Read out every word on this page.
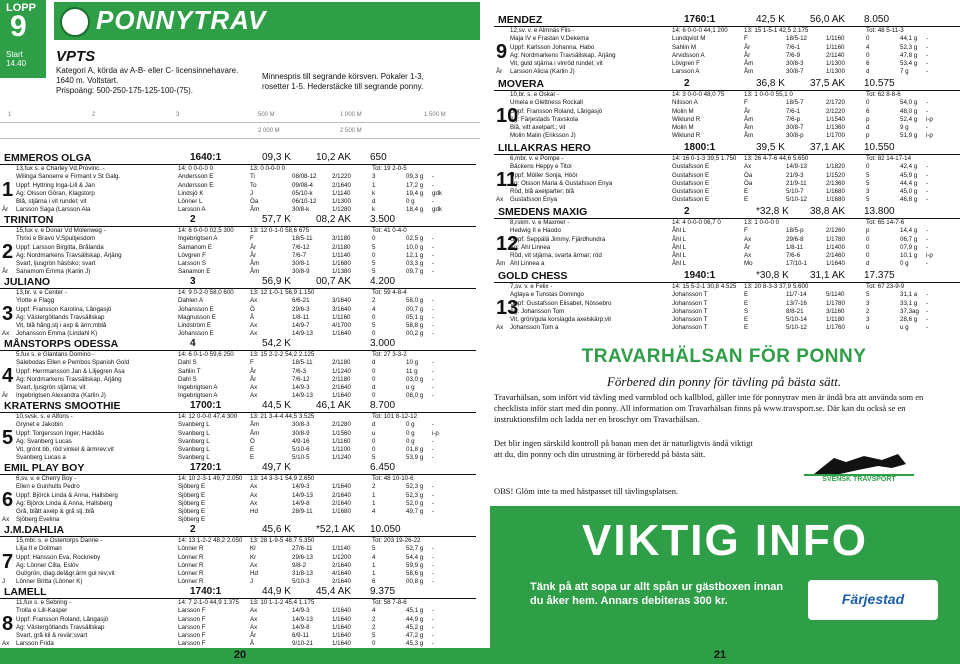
LOPP
9
Start
14.40
PONNYTRAV
VPTS
Kategori A, körda av A-B- eller C- licensinnehavare.
1640 m. Voltstart.
Prispoäng: 500-250-175-125-100-(75).
Minnespris till segrande körsven. Pokaler 1-3,
rosetter 1-5. Hederstäcke till segrande ponny.
1	2	3	500 M	1 000 M	1 500 M
2 000 M	2 500 M
EMMEROS OLGA	1640:1	09,3 K	10,2 AK 650
1
13,fux s. e Charley Vd.Provinc. -	14: 0 0-0-0 0	13: 0 0-0-0 0	Tot: 19 2-0-5
Wilinga Sanoerre e Firmant v St Galg.	Andersson E	Ti	08/08-12	2/1220	3	09,3 g -
Uppf: Hyttring Inga-Lill & Jan	Andersson E	To	09/08-4	2/1640	1	17,2 g -
Äg: Olsson Göran, Klagstorp	Lindsjö K	J	05/10-k	1/1140	k	19,4 g gdk
Blå, stjärna i vit rundel; vit	Lönner L	Öa	06/10-12	1/1300	d	0 g	-
Är Larsson Saga (Larsson Ala	Larsson A	Åm	30/8-k	1/1280	k	18,4 g gdk
TRINITON	2	57,7 K	08,2 AK 3.500
2
15,fux v. e Donar Vd Molenweg -	14: 6 0-0-0 02,5 300	13: 12 0-1-0 58,6 675	Tot: 41 0-4-0
Thrixi e Bravo V.Spuitjesdom	Ingebrigtsen A	F	18/5-11	3/1180	0	02,5 g -
Uppf: Larsson Birgitta, Brålanda	Samanom E	År	7/6-12	2/1180	5	10,0 g -
Äg: Nordmarkens Travsällskap, Årjäng	Lövgren F	År	7/6-7	1/1140	0	12,1 g -
Svart, ljusgrön hästsko; svart	Larsson S	Åm	30/8-1	1/1680	5	03,3 g -
År Sanamom Emma (Karlin J)	Sanamon E	Åm	30/8-9	1/1380	5	09,7 g -
JULIANO	3	56,9 K	00,7 AK 4.200
3
13,br. v. e Center -	14: 9 0-2-0 58,0 600	13: 12 1-0-1 56,9 1.150	Tot: 59 4-8-4
Ylotte e Flagg	Dahlen A	Ax	6/6-21	3/1640	2	58,0 g -
Uppf: Fransson Karolina, Långasjö	Johansson E	Ö	29/6-3	3/1640	4	00,7 g -
Äg: Västergötlands Travsällskap	Magnusson E	Å	1/8-11	1/1160	0	05,1 g -
Vit, blå hång,stj i axp & ärm;mblå	Lindström E	Ax	14/9-7	4/1700	5	58,8 g -
Ax Johansson Emma (Lindahl K)	Johansson E	Ax	14/9-13	1/1640	0	00,2 g -
MÅNSTORPS ODESSA	4	54,2 K	3.000
4
5,fux s. e Glantans Domino -	14: 6 0-1-0 59,6 250	13: 15 2-2-2 54,2 2.125	Tot: 27 3-3-2
Salebodas Ellen e Pembos Spanish Gold	Dahl S	F	18/5-11	2/1180	d	10 g -
Uppf: Herrmansson Jan & Liljegren Åsa	Sahlin T	År	7/6-3	1/1240	0	11 g -
Äg: Nordmarkens Travsällskap, Årjäng	Dahl S	År	7/6-12	2/1180	0	03,0 g -
Svart, ljusgrön stjärna; vit	Ingebrigtsen A	Ax	14/9-3	2/1640	d	u g	-
Är Ingebrigtsen Alexandra (Karlin J)	Ingebrigtsen A	Ax	14/9-13	1/1640	0	08,0 g -
KRATERNS SMOOTHIE	1700:1	44,5 K	46,1 AK 8.700
5
10,svsk. s. e Alfons -	14: 12 0-0-0 47,4 300 13: 21 3-4-4 44,5 3.525	Tot: 101 8-12-12
Grynet e Jakobin	Svanberg L	Åm	30/8-3	2/1280	d	0 g	-
Uppf: Torgersson Inger, Hacklås	Svanberg L	Åm	30/8-9	1/1560	u	0 g	i-p
Äg: Svanberg Lucas	Svanberg L	Ö	4/9-16	1/1160	0	0 g	-
Vit, grönt bb, röd vinkel & ärmrev;vit	Svanberg L	E	5/10-6	1/1100	0	01,8 g -
Svanberg Lucas a	Svanberg L	E	5/10-5	1/1240	5	53,9 g -
EMIL PLAY BOY	1720:1	49,7 K	6.450
6
6,sv. v. e Cherry Boy -	14: 10 2-3-1 49,7 2.050 13: 14 3-3-1 54,9 2.650	Tot: 48 10-10-6
Ellen e Gunhults Pedro	Sjöberg E	Ax	14/9-3	1/1640	2	52,3 g -
Uppf: Björck Linda & Anna, Hallsberg	Sjöberg E	Ax	14/9-13	2/1640	1	52,3 g -
Äg: Björck Linda & Anna, Hallsberg	Sjöberg E	Ax	14/9-8	2/1640	1	52,0 g -
Grå, blått axelp & grå stj.;blå	Sjöberg E	Hd	28/9-11	1/1680	4	49,7 g -
Ax Sjöberg Evelina	Sjöberg E
J.M.DAHLIA	2	45,6 K	*52,1 AK 10.050
7
15,mbl. s. e Ostertorps Danne -	14: 13 1-2-2 48,2 2.050 13: 28 1-9-5 48,7 5.350	Tot: 203 19-26-22
Lilja II e Dollman	Lönner R	Kr	27/6-11	1/1140	5	52,7 g -
Uppf: Hansson Eva, Rockneby	Lönner R	Kr	29/6-13	1/1200	4	54,4 g -
Äg: Lönner Cilla, Eslöv	Lönner R	Ax	9/8-2	2/1640	1	59,9 g -
Gul/grön, diag.del&gr.ärm gul rev;vit	Lönner R	Hd	31/8-13	4/1640	1	58,6 g -
J Lönner Britta (Lönner K)	Lönner R	J	5/10-3	2/1640	6	00,8 g -
LAMELL	1740:1	44,9 K	45,4 AK 9.375
8
11,fux s. e Sebring -	14: 7 2-1-0 44,9 1.375 13: 10 1-1-2 45,4 1.175	Tot: 58 7-8-6
Trolla e Lill-Kasper	Larsson F	Ax	14/9-3	1/1640	4	45,1 g -
Uppf: Fransson Roland, Långasjö	Larsson F	Ax	14/9-13	1/1640	2	44,9 g -
Äg: Västergötlands Travsällskap	Larsson F	Ax	14/9-8	1/1640	2	45,2 g -
Svart, grå kil & revär;svart	Larsson F	År	6/9-11	1/1640	5	47,2 g -
Ax Larsson Frida	Larsson F	Å	9/10-21	1/1640	0	45,3 g -
20
MENDEZ	1760:1	42,5 K	56,0 AK 8.050
9
12,sv. v. e Almnäs Fils -	14: 6 0-0-0 44,1 200	13: 15 1-5-1 42,5 2.175	Tot: 48 5-11-3
Maja IV e Frastan V.Dekema	Lundqvist M	F	18/5-12	1/1160	0	44,1 g -
Uppf: Karlsson Johanna, Habo	Sahlin M	År	7/6-1	1/1160	4	52,3 g -
Äg: Nordmarkens Travsällskap, Årjäng	Arvidsson A	År	7/6-9	2/1140	0	47,8 g -
Vit, guld stjärna i vinröd rundel; vit	Lövgren F	Åm	30/8-3	1/1300	6	53,4 g -
År Larsson Alicia (Karlin J)	Larsson A	Åm	30/8-7	1/1300	d	7 g	-
MOVERA	2	36,8 K	37,5 AK 10.575
10
10,br. s. e Oskar -	14: 3 0-0-0 48,0 75	13: 1 0-0-0 55,1 0	Tot: 62 8-8-6
Umela e Glettness Rockall	Nilsson A	F	18/5-7	2/1720	0	54,0 g -
Uppf: Fransson Roland, Långasjö	Molin M	År	7/6-1	2/1220	6	48,0 g -
Äg: Färjestads Travskola	Wiklund R	Åm	7/6-p	1/1540	p	52,4 g i-p
Blå, vitt axelpart.; vit	Molin M	Åm	30/8-7	1/1360	d	9 g	-
Molin Malin (Eriksson J)	Wiklund R	Åm	30/8-p	1/1700	p	51,9 g i-p
LILLAKRAS HERO	1800:1	39,5 K	37,1 AK 10.550
11
6,mbr. v. e Pompe -	14: 16 0-1-3 39,5 1.750 13: 26 4-7-6 44,6 5.650	Tot: 82 14-17-14
Bäckens Heppy e Titol	Gustafsson E	Ax	14/9-13	1/1820	0	42,4 g -
Uppf: Möller Sonja, Höör	Gustafsson E	Öa	21/9-3	1/1520	5	45,9 g -
Äg: Olsson Maria & Gustafsson Enya	Gustafsson E	Öa	21/9-11	2/1360	5	44,4 g -
Röd, blå axelparter; blå	Gustafsson E	E	5/10-7	1/1680	3	45,0 g -
Ax Gustafsson Enya	Gustafsson E	E	5/10-12	1/1680	5	46,8 g -
SMEDENS MAXIG	2	*32,8 K 38,8 AK 13.800
12
8,rskm. v. e Maxmer -	14: 4 0-0-0 06,7 0	13: 1 0-0-0 0	Tot: 65 14-7-6
Hedwig II e Haodo	Åhl L	F	18/5-p	2/1260	p	14,4 g -
Uppf: Seppälä Jimmy, Fjärdhundra	Åhl L	Ax	29/6-8	1/1780	0	06,7 g -
Äg: Åhl Linnea	Åhl L	År	1/8-11	1/1400	0	07,9 g -
Röd, vit stjärna, svarta ärmar; röd	Åhl L	Ax	7/6-6	2/1460	0	10,1 g i-p
Åm Åhl Linnea a	Åhl L	Mo	17/10-1	1/1640	d	0 g	-
GOLD CHESS	1940:1	*30,8 K 31,1 AK 17.375
13
7,sv. v. e Felix -	14: 15 5-2-1 30,8 4.525 13: 20 8-3-3 37,9 5.600	Tot: 67 23-9-9
Aglaya e Tunstas Domingo	Johansson T	E	11/7-14	5/1140	5	31,1 a -
Uppf: Gustafsson Elisabet, Nössebro	Johansson T	E	13/7-16	1/1780	3	33,1 g -
Äg: Johansson Tom	Johansson T	S	8/8-21	3/1160	2	37,3ag -
Vit, grön/gula korslagda axelskärp;vit	Johansson T	E	5/10-14	1/1180	3	28,6 g -
Ax Johansson Tom a	Johansson T	E	5/10-12	1/1760	u	u g	-
TRAVARHÄLSAN FÖR PONNY
Förbered din ponny för tävling på bästa sätt.
Travarhälsan, som infört vid tävling med varmblod och kallblod, gäller inte för ponnytrav men är ändå bra att använda som en checklista inför start med din ponny. All information om Travarhälsan finns på www.travsport.se. Där kan du också se en instruktionsfilm och ladda ner en broschyr om Travarhälsan.
Det blir ingen särskild kontroll på banan men det är naturligtvis ändå viktigt att du, din ponny och din utrustning är förberedd på bästa sätt.
OBS! Glöm inte ta med hästpasset till tävlingsplatsen.
SVENSK TRAVSPORT
VIKTIG INFO
Tänk på att sopa ur allt spån ur gästboxen innan du åker hem. Annars debiteras 300 kr.	Färjestad
21
